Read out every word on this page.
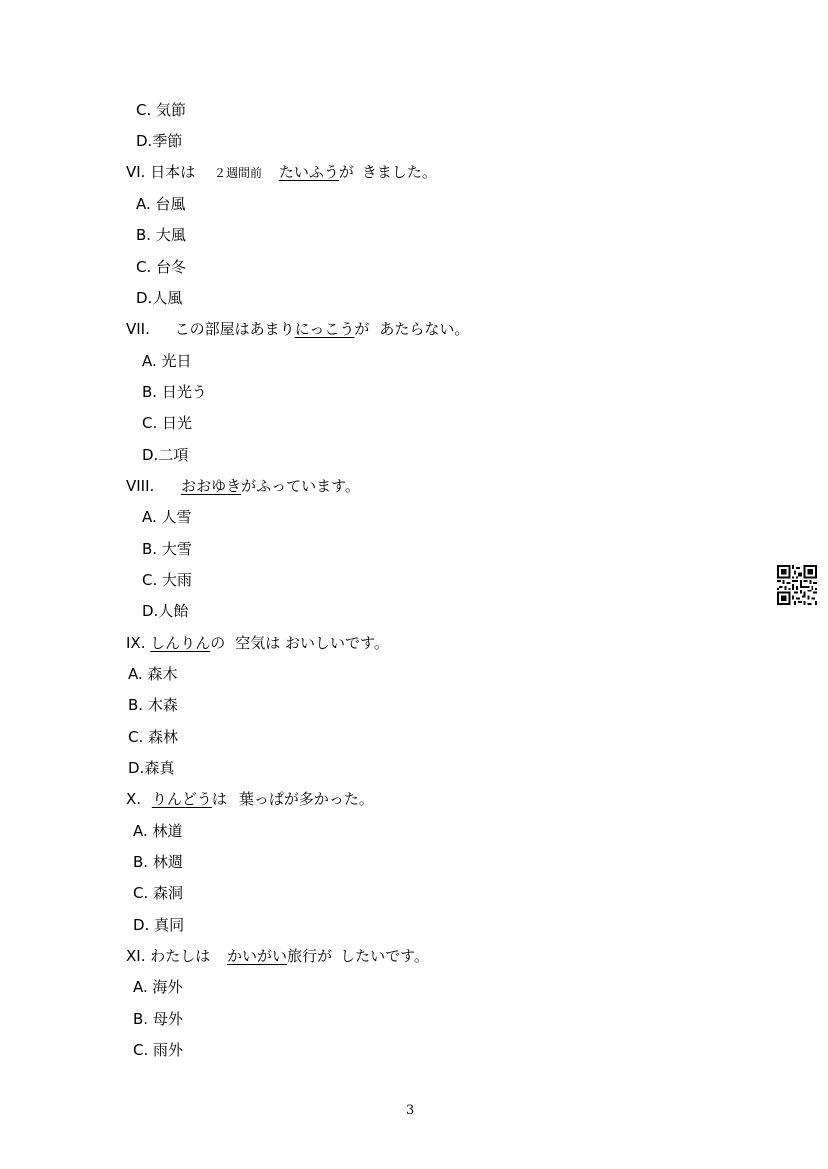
C. 気節
D.季節
VI. 日本は ２週間前 たいふうが きました。
A. 台風
B. 大風
C. 台冬
D.人風
VII. この部屋はあまりにっこうが あたらない。
A. 光日
B. 日光う
C. 日光
D.二項
VIII. おおゆきがふっています。
A. 人雪
B. 大雪
C. 大雨
D.人飴
IX. しんりんの 空気は おいしいです。
A. 森木
B. 木森
C. 森林
D.森真
X. りんどうは 葉っぱが多かった。
A. 林道
B. 林週
C. 森洞
D. 真同
XI. わたしは かいがい旅行が したいです。
A. 海外
B. 母外
C. 雨外
3
